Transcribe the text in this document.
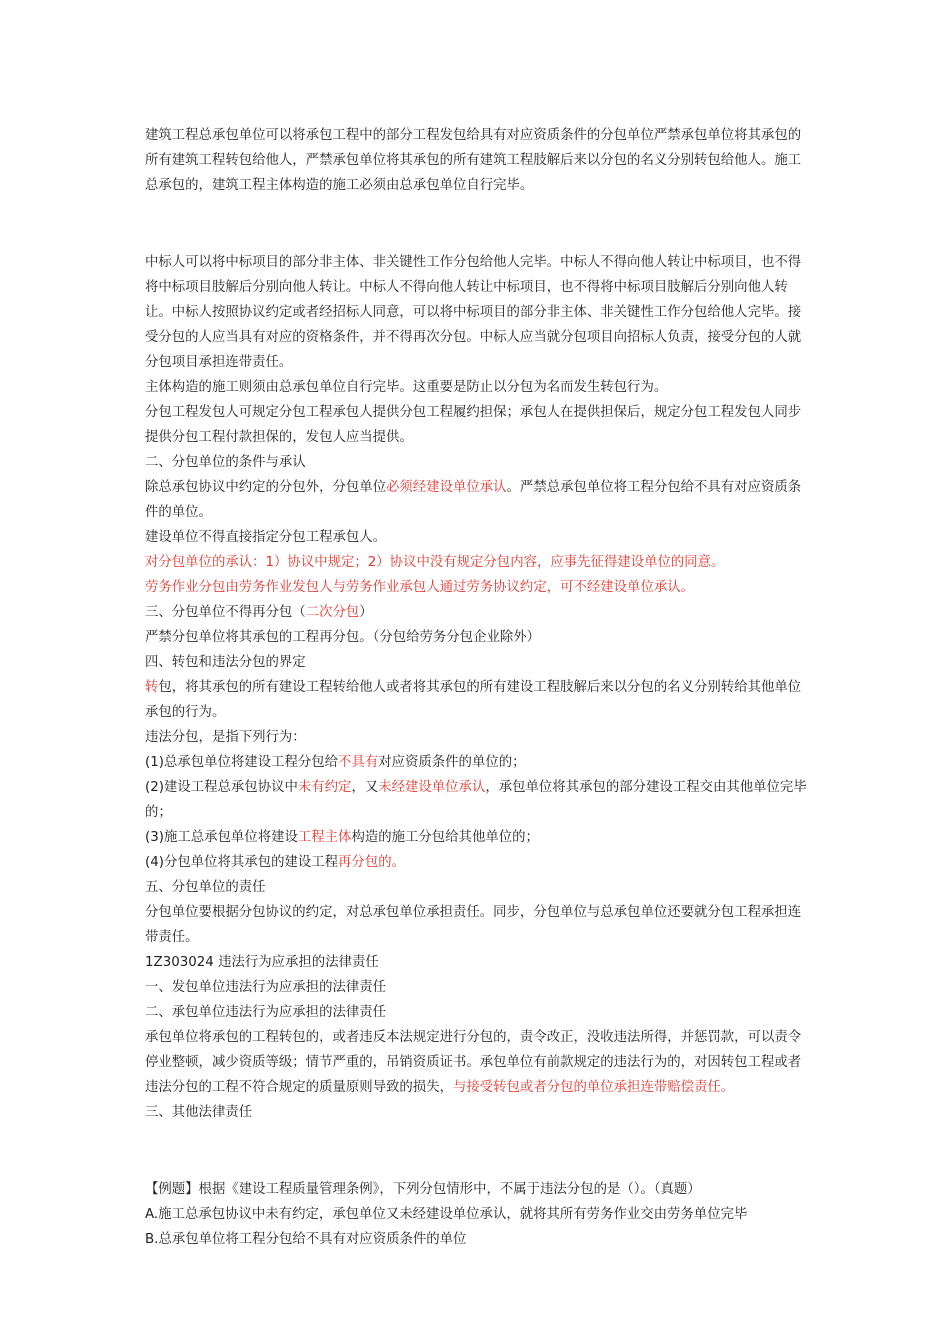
建筑工程总承包单位可以将承包工程中的部分工程发包给具有对应资质条件的分包单位严禁承包单位将其承包的所有建筑工程转包给他人，严禁承包单位将其承包的所有建筑工程肢解后来以分包的名义分别转包给他人。施工总承包的，建筑工程主体构造的施工必须由总承包单位自行完毕。

中标人可以将中标项目的部分非主体、非关键性工作分包给他人完毕。中标人不得向他人转让中标项目，也不得将中标项目肢解后分别向他人转让。中标人不得向他人转让中标项目，也不得将中标项目肢解后分别向他人转让。中标人按照协议约定或者经招标人同意，可以将中标项目的部分非主体、非关键性工作分包给他人完毕。接受分包的人应当具有对应的资格条件，并不得再次分包。中标人应当就分包项目向招标人负责，接受分包的人就分包项目承担连带责任。

主体构造的施工则须由总承包单位自行完毕。这重要是防止以分包为名而发生转包行为。

分包工程发包人可规定分包工程承包人提供分包工程履约担保；承包人在提供担保后，规定分包工程发包人同步提供分包工程付款担保的，发包人应当提供。

二、分包单位的条件与承认

除总承包协议中约定的分包外，分包单位必须经建设单位承认。严禁总承包单位将工程分包给不具有对应资质条件的单位。

建设单位不得直接指定分包工程承包人。

对分包单位的承认：1）协议中规定；2）协议中没有规定分包内容，应事先征得建设单位的同意。

劳务作业分包由劳务作业发包人与劳务作业承包人通过劳务协议约定，可不经建设单位承认。

三、分包单位不得再分包（二次分包）

严禁分包单位将其承包的工程再分包。（分包给劳务分包企业除外）

四、转包和违法分包的界定

转包，将其承包的所有建设工程转给他人或者将其承包的所有建设工程肢解后来以分包的名义分别转给其他单位承包的行为。

违法分包，是指下列行为：

(1)总承包单位将建设工程分包给不具有对应资质条件的单位的；

(2)建设工程总承包协议中未有约定，又未经建设单位承认，承包单位将其承包的部分建设工程交由其他单位完毕的；

(3)施工总承包单位将建设工程主体构造的施工分包给其他单位的；

(4)分包单位将其承包的建设工程再分包的。

五、分包单位的责任

分包单位要根据分包协议的约定，对总承包单位承担责任。同步，分包单位与总承包单位还要就分包工程承担连带责任。

1Z303024 违法行为应承担的法律责任

一、发包单位违法行为应承担的法律责任

二、承包单位违法行为应承担的法律责任

承包单位将承包的工程转包的，或者违反本法规定进行分包的，责令改正，没收违法所得，并惩罚款，可以责令停业整顿，减少资质等级；情节严重的，吊销资质证书。承包单位有前款规定的违法行为的，对因转包工程或者违法分包的工程不符合规定的质量原则导致的损失，与接受转包或者分包的单位承担连带赔偿责任。

三、其他法律责任

【例题】根据《建设工程质量管理条例》，下列分包情形中，不属于违法分包的是（）。（真题）

A.施工总承包协议中未有约定，承包单位又未经建设单位承认，就将其所有劳务作业交由劳务单位完毕

B.总承包单位将工程分包给不具有对应资质条件的单位
